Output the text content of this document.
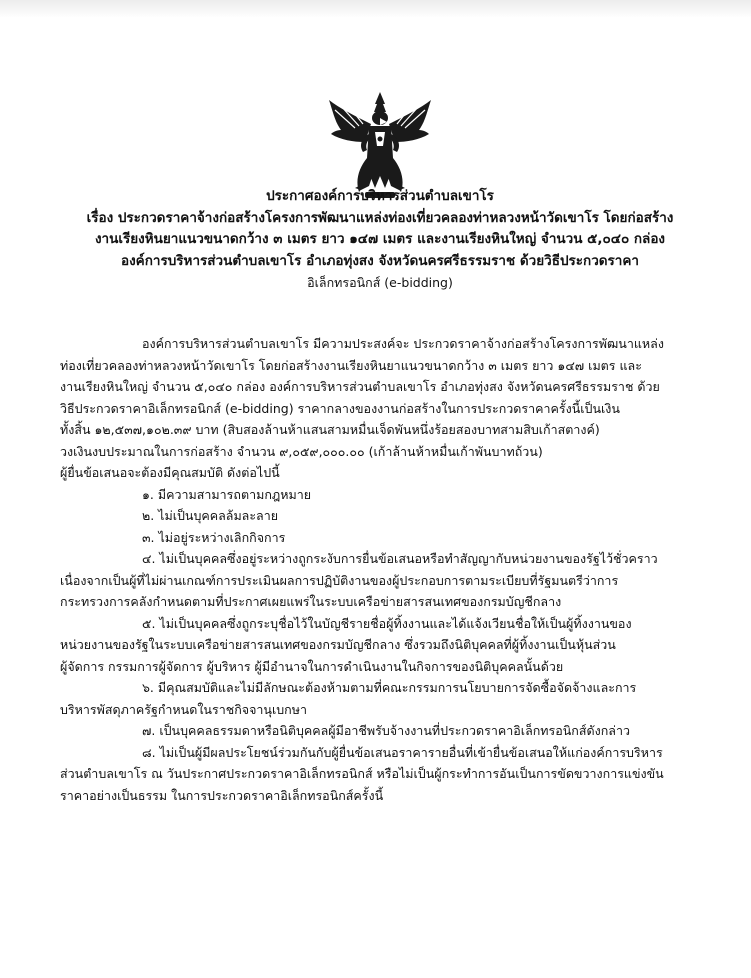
ประกาศองค์การบริหารส่วนตำบลเขาโร
เรื่อง ประกวดราคาจ้างก่อสร้างโครงการพัฒนาแหล่งท่องเที่ยวคลองท่าหลวงหน้าวัดเขาโร โดยก่อสร้าง
งานเรียงหินยาแนวขนาดกว้าง ๓ เมตร ยาว ๑๔๗ เมตร และงานเรียงหินใหญ่ จำนวน ๕,๐๔๐ กล่อง
องค์การบริหารส่วนตำบลเขาโร อำเภอทุ่งสง จังหวัดนครศรีธรรมราช ด้วยวิธีประกวดราคา
อิเล็กทรอนิกส์ (e-bidding)
องค์การบริหารส่วนตำบลเขาโร มีความประสงค์จะ ประกวดราคาจ้างก่อสร้างโครงการพัฒนาแหล่ง
ท่องเที่ยวคลองท่าหลวงหน้าวัดเขาโร โดยก่อสร้างงานเรียงหินยาแนวขนาดกว้าง ๓ เมตร ยาว ๑๔๗ เมตร และ
งานเรียงหินใหญ่ จำนวน ๕,๐๔๐ กล่อง องค์การบริหารส่วนตำบลเขาโร อำเภอทุ่งสง จังหวัดนครศรีธรรมราช ด้วย
วิธีประกวดราคาอิเล็กทรอนิกส์ (e-bidding) ราคากลางของงานก่อสร้างในการประกวดราคาครั้งนี้เป็นเงิน
ทั้งสิ้น ๑๒,๕๓๗,๑๐๒.๓๙ บาท (สิบสองล้านห้าแสนสามหมื่นเจ็ดพันหนึ่งร้อยสองบาทสามสิบเก้าสตางค์)
วงเงินงบประมาณในการก่อสร้าง จำนวน ๙,๐๕๙,๐๐๐.๐๐ (เก้าล้านห้าหมื่นเก้าพันบาทถ้วน)
ผู้ยื่นข้อเสนอจะต้องมีคุณสมบัติ ดังต่อไปนี้
๑. มีความสามารถตามกฎหมาย
๒. ไม่เป็นบุคคลล้มละลาย
๓. ไม่อยู่ระหว่างเลิกกิจการ
๔. ไม่เป็นบุคคลซึ่งอยู่ระหว่างถูกระงับการยื่นข้อเสนอหรือทำสัญญากับหน่วยงานของรัฐไว้ชั่วคราว
เนื่องจากเป็นผู้ที่ไม่ผ่านเกณฑ์การประเมินผลการปฏิบัติงานของผู้ประกอบการตามระเบียบที่รัฐมนตรีว่าการ
กระทรวงการคลังกำหนดตามที่ประกาศเผยแพร่ในระบบเครือข่ายสารสนเทศของกรมบัญชีกลาง
๕. ไม่เป็นบุคคลซึ่งถูกระบุชื่อไว้ในบัญชีรายชื่อผู้ทิ้งงานและได้แจ้งเวียนชื่อให้เป็นผู้ทิ้งงานของ
หน่วยงานของรัฐในระบบเครือข่ายสารสนเทศของกรมบัญชีกลาง ซึ่งรวมถึงนิติบุคคลที่ผู้ทิ้งงานเป็นหุ้นส่วน
ผู้จัดการ กรรมการผู้จัดการ ผู้บริหาร ผู้มีอำนาจในการดำเนินงานในกิจการของนิติบุคคลนั้นด้วย
๖. มีคุณสมบัติและไม่มีลักษณะต้องห้ามตามที่คณะกรรมการนโยบายการจัดซื้อจัดจ้างและการ
บริหารพัสดุภาครัฐกำหนดในราชกิจจานุเบกษา
๗. เป็นบุคคลธรรมดาหรือนิติบุคคลผู้มีอาชีพรับจ้างงานที่ประกวดราคาอิเล็กทรอนิกส์ดังกล่าว
๘. ไม่เป็นผู้มีผลประโยชน์ร่วมกันกับผู้ยื่นข้อเสนอราคารายอื่นที่เข้ายื่นข้อเสนอให้แก่องค์การบริหาร
ส่วนตำบลเขาโร ณ วันประกาศประกวดราคาอิเล็กทรอนิกส์ หรือไม่เป็นผู้กระทำการอันเป็นการขัดขวางการแข่งขัน
ราคาอย่างเป็นธรรม ในการประกวดราคาอิเล็กทรอนิกส์ครั้งนี้
